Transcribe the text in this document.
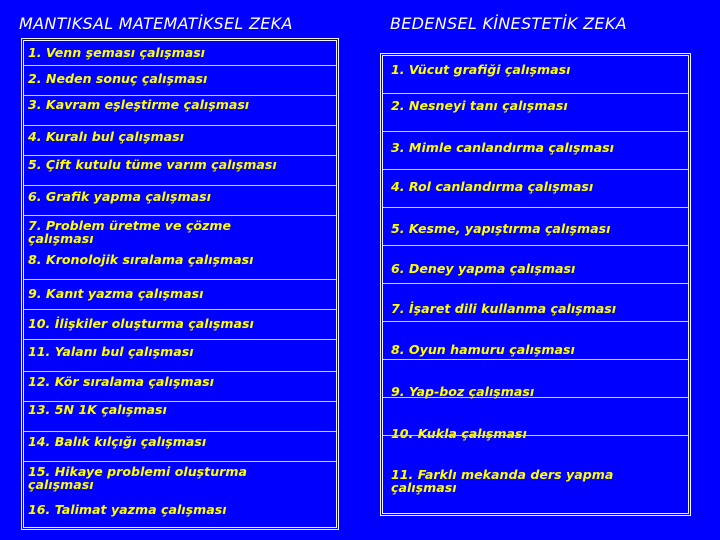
MANTIKSAL MATEMATİKSEL ZEKA	BEDENSEL KİNESTETİK ZEKA
1. Venn şeması çalışması
2. Neden sonuç çalışması
3. Kavram eşleştirme çalışması
4. Kuralı bul çalışması
5. Çift kutulu tüme varım çalışması
6. Grafik yapma çalışması
7. Problem üretme ve çözme
çalışması
8. Kronolojik sıralama çalışması
9. Kanıt yazma çalışması
10. İlişkiler oluşturma çalışması
11. Yalanı bul çalışması
12. Kör sıralama çalışması
13. 5N 1K çalışması
14. Balık kılçığı çalışması
15. Hikaye problemi oluşturma
çalışması
16. Talimat yazma çalışması
1. Vücut grafiği çalışması
2. Nesneyi tanı çalışması
3. Mimle canlandırma çalışması
4. Rol canlandırma çalışması
5. Kesme, yapıştırma çalışması
6. Deney yapma çalışması
7. İşaret dili kullanma çalışması
8. Oyun hamuru çalışması
9. Yap-boz çalışması
10. Kukla çalışması
11. Farklı mekanda ders yapma
çalışması
